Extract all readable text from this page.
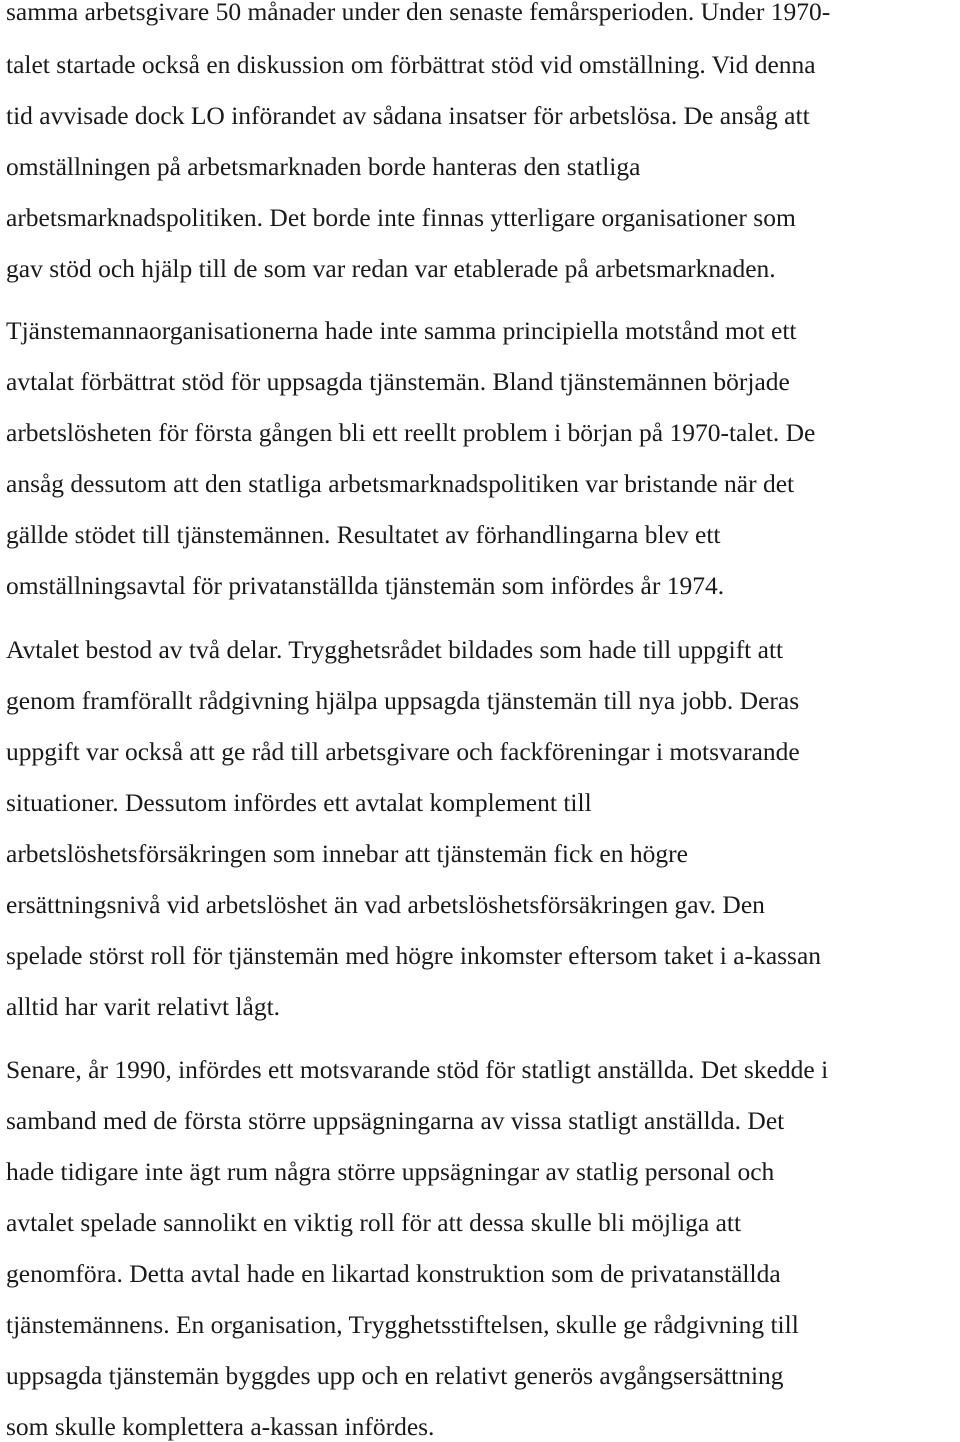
samma arbetsgivare 50 månader under den senaste femårsperioden. Under 1970-
talet startade också en diskussion om förbättrat stöd vid omställning. Vid denna
tid avvisade dock LO införandet av sådana insatser för arbetslösa. De ansåg att
omställningen på arbetsmarknaden borde hanteras den statliga
arbetsmarknadspolitiken. Det borde inte finnas ytterligare organisationer som
gav stöd och hjälp till de som var redan var etablerade på arbetsmarknaden.
Tjänstemannaorganisationerna hade inte samma principiella motstånd mot ett
avtalat förbättrat stöd för uppsagda tjänstemän. Bland tjänstemännen började
arbetslösheten för första gången bli ett reellt problem i början på 1970-talet. De
ansåg dessutom att den statliga arbetsmarknadspolitiken var bristande när det
gällde stödet till tjänstemännen. Resultatet av förhandlingarna blev ett
omställningsavtal för privatanställda tjänstemän som infördes år 1974.
Avtalet bestod av två delar. Trygghetsrådet bildades som hade till uppgift att
genom framförallt rådgivning hjälpa uppsagda tjänstemän till nya jobb. Deras
uppgift var också att ge råd till arbetsgivare och fackföreningar i motsvarande
situationer. Dessutom infördes ett avtalat komplement till
arbetslöshetsförsäkringen som innebar att tjänstemän fick en högre
ersättningsnivå vid arbetslöshet än vad arbetslöshetsförsäkringen gav. Den
spelade störst roll för tjänstemän med högre inkomster eftersom taket i a-kassan
alltid har varit relativt lågt.
Senare, år 1990, infördes ett motsvarande stöd för statligt anställda. Det skedde i
samband med de första större uppsägningarna av vissa statligt anställda. Det
hade tidigare inte ägt rum några större uppsägningar av statlig personal och
avtalet spelade sannolikt en viktig roll för att dessa skulle bli möjliga att
genomföra. Detta avtal hade en likartad konstruktion som de privatanställda
tjänstemännens. En organisation, Trygghetsstiftelsen, skulle ge rådgivning till
uppsagda tjänstemän byggdes upp och en relativt generös avgångsersättning
som skulle komplettera a-kassan infördes.
